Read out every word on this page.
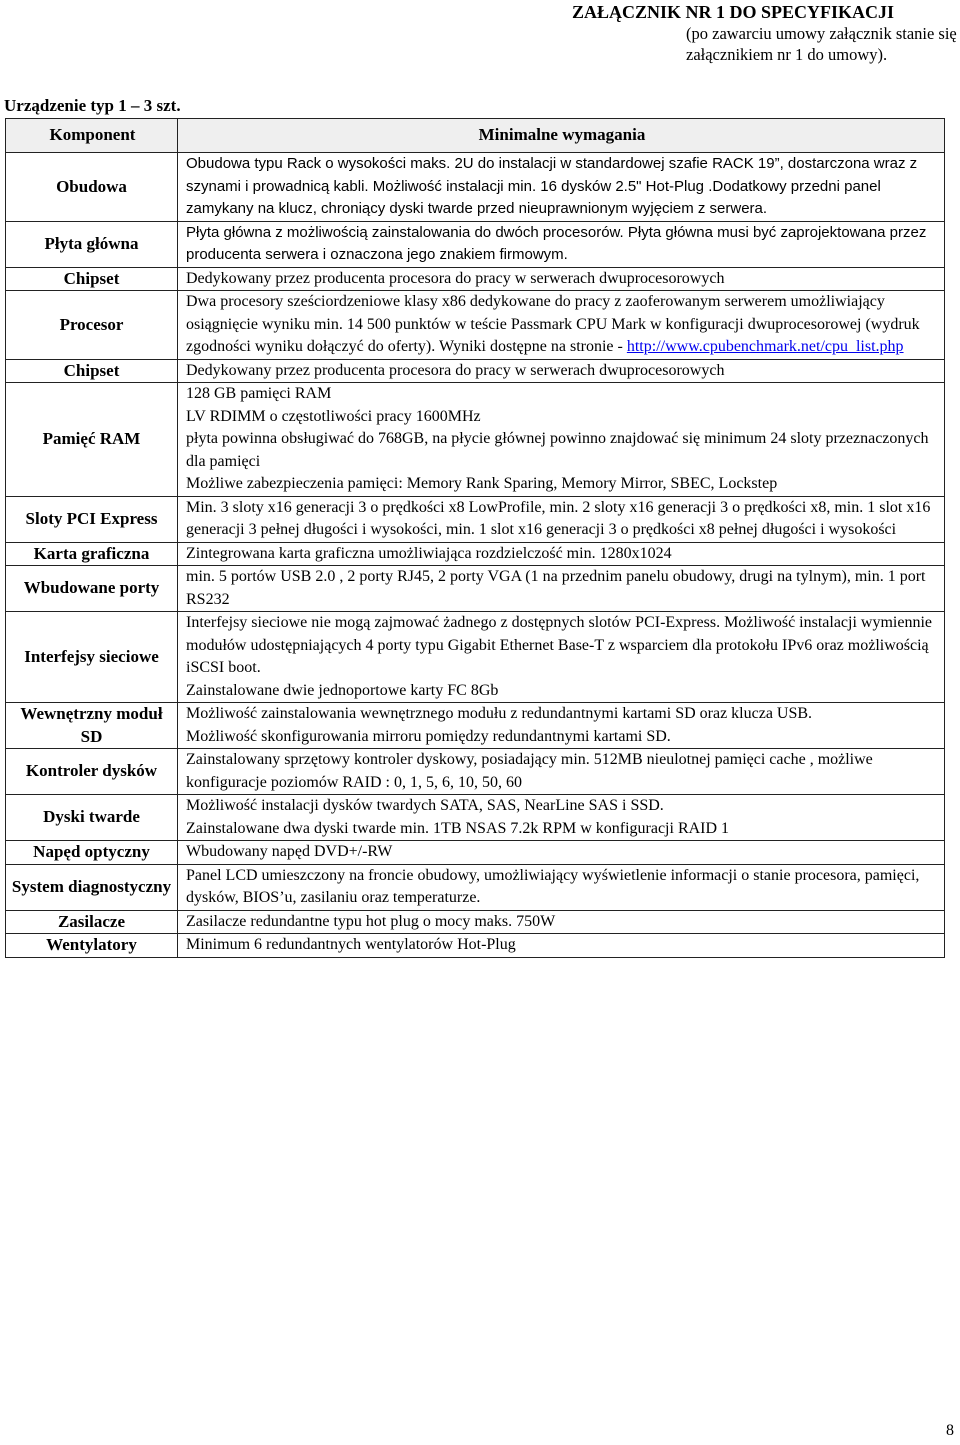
ZAŁĄCZNIK NR 1 DO SPECYFIKACJI
(po zawarciu umowy załącznik stanie się załącznikiem nr 1 do umowy).
Urządzenie typ 1 – 3 szt.
Komponent	Minimalne wymagania
Obudowa	Obudowa typu Rack o wysokości maks. 2U do instalacji w standardowej szafie RACK 19”, dostarczona wraz z szynami i prowadnicą kabli. Możliwość instalacji min. 16 dysków 2.5" Hot-Plug .Dodatkowy przedni panel zamykany na klucz, chroniący dyski twarde przed nieuprawnionym wyjęciem z serwera.
Płyta główna	Płyta główna z możliwością zainstalowania do dwóch procesorów. Płyta główna musi być zaprojektowana przez producenta serwera i oznaczona jego znakiem firmowym.
Chipset	Dedykowany przez producenta procesora do pracy w serwerach dwuprocesorowych
Procesor	Dwa procesory sześciordzeniowe klasy x86 dedykowane do pracy z zaoferowanym serwerem umożliwiający osiągnięcie wyniku min. 14 500 punktów w teście Passmark CPU Mark w konfiguracji dwuprocesorowej (wydruk zgodności wyniku dołączyć do oferty). Wyniki dostępne na stronie - http://www.cpubenchmark.net/cpu_list.php
Chipset	Dedykowany przez producenta procesora do pracy w serwerach dwuprocesorowych
Pamięć RAM	128 GB pamięci RAM
LV RDIMM o częstotliwości pracy 1600MHz
płyta powinna obsługiwać do 768GB, na płycie głównej powinno znajdować się minimum 24 sloty przeznaczonych dla pamięci
Możliwe zabezpieczenia pamięci: Memory Rank Sparing, Memory Mirror, SBEC, Lockstep

Sloty PCI Express	Min. 3 sloty x16 generacji 3 o prędkości x8 LowProfile, min. 2 sloty x16 generacji 3 o prędkości x8, min. 1 slot x16 generacji 3 pełnej długości i wysokości, min. 1 slot x16 generacji 3 o prędkości x8 pełnej długości i wysokości
Karta graficzna	Zintegrowana karta graficzna umożliwiająca rozdzielczość min. 1280x1024
Wbudowane porty	min. 5 portów USB 2.0 , 2 porty RJ45, 2 porty VGA (1 na przednim panelu obudowy, drugi na tylnym), min. 1 port RS232
Interfejsy sieciowe	Interfejsy sieciowe nie mogą zajmować żadnego z dostępnych slotów PCI-Express. Możliwość instalacji wymiennie modułów udostępniających 4 porty typu Gigabit Ethernet Base-T z wsparciem dla protokołu IPv6 oraz możliwością iSCSI boot.
Zainstalowane dwie jednoportowe karty FC 8Gb

Wewnętrzny moduł SD	Możliwość zainstalowania wewnętrznego modułu z redundantnymi kartami SD oraz klucza USB.
Możliwość skonfigurowania mirroru pomiędzy redundantnymi kartami SD.

Kontroler dysków	Zainstalowany sprzętowy kontroler dyskowy, posiadający min. 512MB nieulotnej pamięci cache , możliwe konfiguracje poziomów RAID : 0, 1, 5, 6, 10, 50, 60
Dyski twarde	Możliwość instalacji dysków twardych SATA, SAS, NearLine SAS i SSD.
Zainstalowane dwa dyski twarde min. 1TB NSAS 7.2k RPM w konfiguracji RAID 1

Napęd optyczny	Wbudowany napęd DVD+/-RW
System diagnostyczny	Panel LCD umieszczony na froncie obudowy, umożliwiający wyświetlenie informacji o stanie procesora, pamięci, dysków, BIOS’u, zasilaniu oraz temperaturze.
Zasilacze	Zasilacze redundantne typu hot plug o mocy maks. 750W
Wentylatory	Minimum 6 redundantnych wentylatorów Hot-Plug
8
